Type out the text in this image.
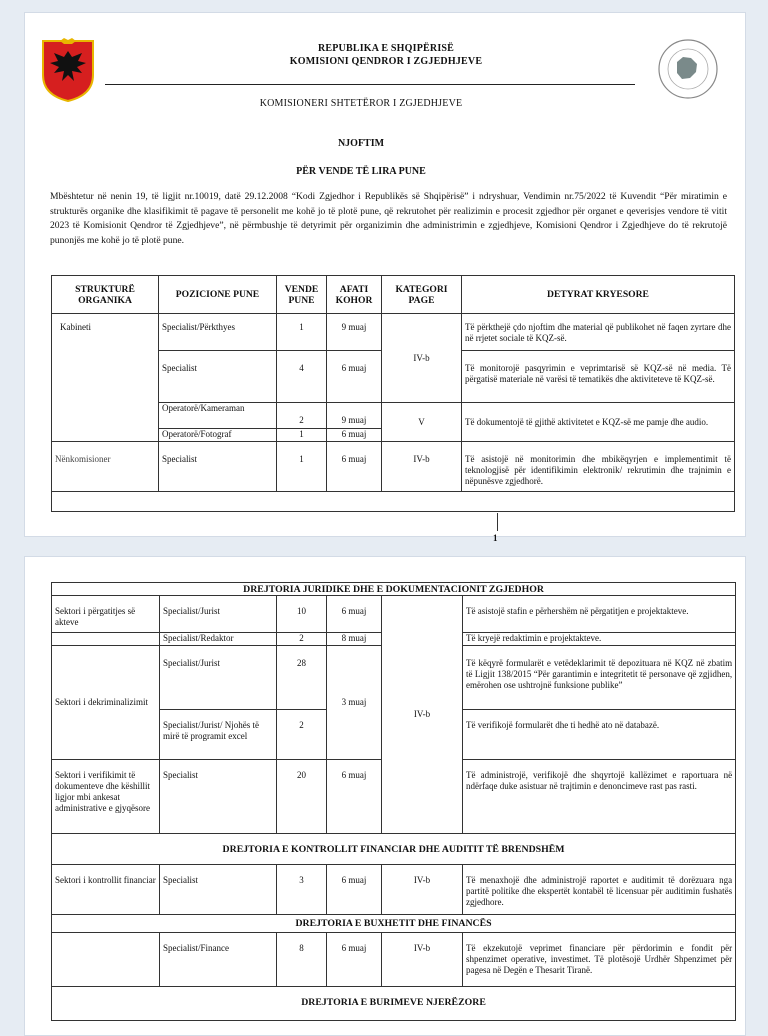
REPUBLIKA E SHQIPËRISË
KOMISIONI QENDROR I ZGJEDHJEVE
KOMISIONERI SHTETËROR I ZGJEDHJEVE
NJOFTIM
PËR VENDE TË LIRA PUNE
Mbështetur në nenin 19, të ligjit nr.10019, datë 29.12.2008 “Kodi Zgjedhor i Republikës së Shqipërisë” i ndryshuar, Vendimin nr.75/2022 të Kuvendit “Për miratimin e strukturës organike dhe klasifikimit të pagave të personelit me kohë jo të plotë pune, që rekrutohet për realizimin e procesit zgjedhor për organet e qeverisjes vendore të vitit 2023 të Komisionit Qendror të Zgjedhjeve”, në përmbushje të detyrimit për organizimin dhe administrimin e zgjedhjeve, Komisioni Qendror i Zgjedhjeve do të rekrutojë punonjës me kohë jo të plotë pune.
STRUKTURË ORGANIKA	POZICIONE PUNE	VENDE PUNE	AFATI KOHOR	KATEGORI PAGE	DETYRAT KRYESORE
Kabineti	Specialist/Përkthyes	1	9 muaj	IV-b	Të përkthejë çdo njoftim dhe material që publikohet në faqen zyrtare dhe në rrjetet sociale të KQZ-së.
	Specialist	4	6 muaj		Të monitorojë pasqyrimin e veprimtarisë së KQZ-së në media. Të përgatisë materiale në varësi të tematikës dhe aktiviteteve të KQZ-së.
	Operatorë/Kameraman	2	9 muaj	V	Të dokumentojë të gjithë aktivitetet e KQZ-së me pamje dhe audio.
	Operatorë/Fotograf	1	6 muaj		
Nënkomisioner	Specialist	1	6 muaj	IV-b	Të asistojë në monitorimin dhe mbikëqyrjen e implementimit të teknologjisë për identifikimin elektronik/ rekrutimin dhe trajnimin e nëpunësve zgjedhorë.

1
DREJTORIA JURIDIKE DHE E DOKUMENTACIONIT ZGJEDHOR					
Sektori i përgatitjes së akteve	Specialist/Jurist	10	6 muaj	IV-b	Të asistojë stafin e përhershëm në përgatitjen e projektakteve.
	Specialist/Redaktor	2	8 muaj		Të kryejë redaktimin e projektakteve.
Sektori i dekriminalizimit	Specialist/Jurist	28	3 muaj		Të këqyrë formularët e vetëdeklarimit të depozituara në KQZ në zbatim të Ligjit 138/2015 “Për garantimin e integritetit të personave që zgjidhen, emërohen ose ushtrojnë funksione publike”
	Specialist/Jurist/ Njohës të mirë të programit excel	2			Të verifikojë formularët dhe ti hedhë ato në databazë.
Sektori i verifikimit të dokumenteve dhe këshillit ligjor mbi ankesat administrative e gjyqësore	Specialist	20	6 muaj		Të administrojë, verifikojë dhe shqyrtojë kallëzimet e raportuara në ndërfaqe duke asistuar në trajtimin e denoncimeve rast pas rasti.
DREJTORIA E KONTROLLIT FINANCIAR DHE AUDITIT TË BRENDSHËM					
Sektori i kontrollit financiar	Specialist	3	6 muaj	IV-b	Të menaxhojë dhe administrojë raportet e auditimit të dorëzuara nga partitë politike dhe ekspertët kontabël të licensuar për auditimin fushatës zgjedhore.
DREJTORIA E BUXHETIT DHE FINANCËS					
	Specialist/Finance	8	6 muaj	IV-b	Të ekzekutojë veprimet financiare për përdorimin e fondit për shpenzimet operative, investimet. Të plotësojë Urdhër Shpenzimet për pagesa në Degën e Thesarit Tiranë.
DREJTORIA E BURIMEVE NJERËZORE					
